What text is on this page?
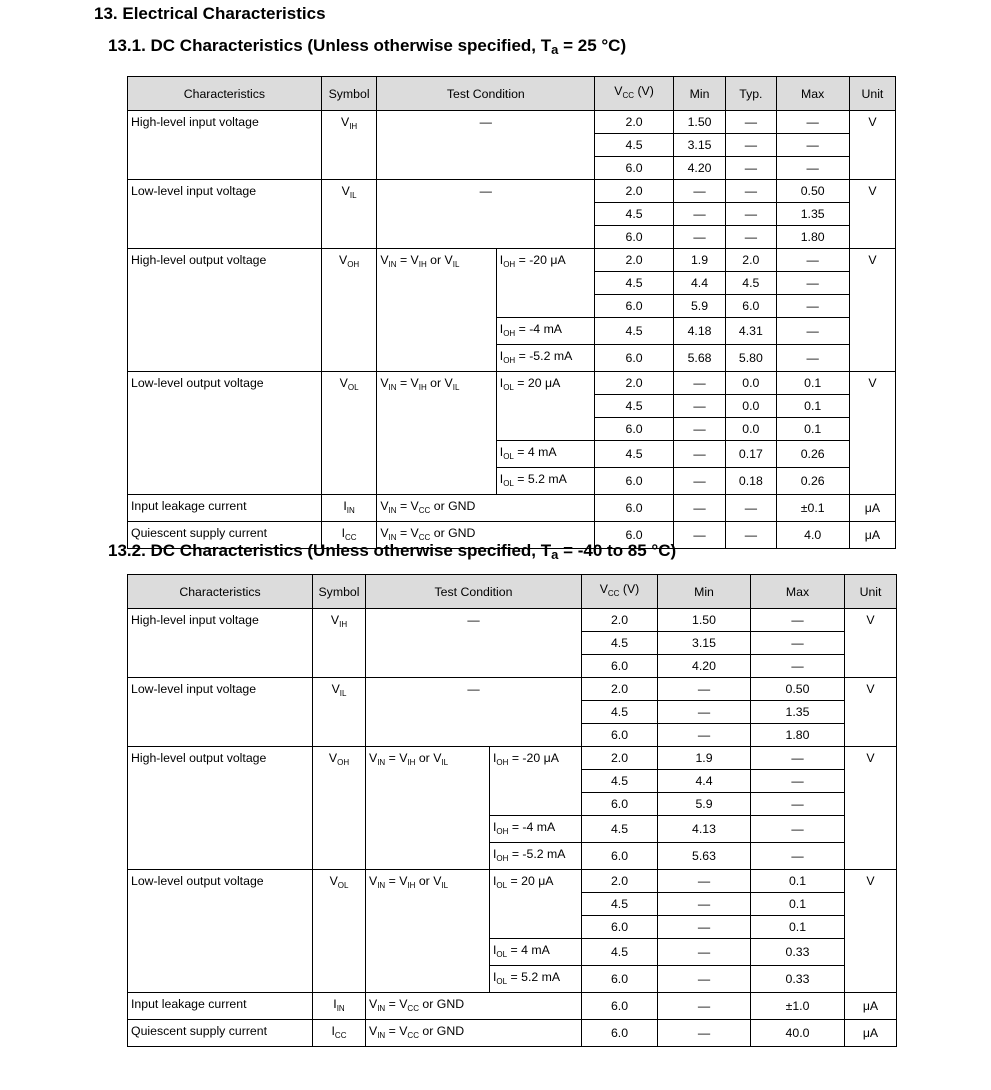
13. Electrical Characteristics
13.1. DC Characteristics (Unless otherwise specified, Ta = 25 °C)
Characteristics	Symbol	Test Condition		$V_{CC}$ (V)	Min	Typ.	Max	Unit
High-level input voltage	$V_{IH}$	—		2.0	1.50	—	—	V
				4.5	3.15	—	—	
				6.0	4.20	—	—	
Low-level input voltage	$V_{IL}$	—		2.0	—	—	0.50	V
				4.5	—	—	1.35	
				6.0	—	—	1.80	
High-level output voltage	$V_{OH}$	$V_{IN} = V_{IH}$ or $V_{IL}$	$I_{OH} = -20$ μA	2.0	1.9	2.0	—	V
				4.5	4.4	4.5	—	
				6.0	5.9	6.0	—	
			$I_{OH} = -4$ mA	4.5	4.18	4.31	—	
			$I_{OH} = -5.2$ mA	6.0	5.68	5.80	—	
Low-level output voltage	$V_{OL}$	$V_{IN} = V_{IH}$ or $V_{IL}$	$I_{OL} = 20$ μA	2.0	—	0.0	0.1	V
				4.5	—	0.0	0.1	
				6.0	—	0.0	0.1	
			$I_{OL} = 4$ mA	4.5	—	0.17	0.26	
			$I_{OL} = 5.2$ mA	6.0	—	0.18	0.26	
Input leakage current	$I_{IN}$	$V_{IN} = V_{CC}$ or GND		6.0	—	—	±0.1	μA
Quiescent supply current	$I_{CC}$	$V_{IN} = V_{CC}$ or GND		6.0	—	—	4.0	μA
13.2. DC Characteristics (Unless otherwise specified, Ta = -40 to 85 °C)
Characteristics	Symbol	Test Condition		$V_{CC}$ (V)	Min	Max	Unit
High-level input voltage	$V_{IH}$	—		2.0	1.50	—	V
				4.5	3.15	—	
				6.0	4.20	—	
Low-level input voltage	$V_{IL}$	—		2.0	—	0.50	V
				4.5	—	1.35	
				6.0	—	1.80	
High-level output voltage	$V_{OH}$	$V_{IN} = V_{IH}$ or $V_{IL}$	$I_{OH} = -20$ μA	2.0	1.9	—	V
				4.5	4.4	—	
				6.0	5.9	—	
			$I_{OH} = -4$ mA	4.5	4.13	—	
			$I_{OH} = -5.2$ mA	6.0	5.63	—	
Low-level output voltage	$V_{OL}$	$V_{IN} = V_{IH}$ or $V_{IL}$	$I_{OL} = 20$ μA	2.0	—	0.1	V
				4.5	—	0.1	
				6.0	—	0.1	
			$I_{OL} = 4$ mA	4.5	—	0.33	
			$I_{OL} = 5.2$ mA	6.0	—	0.33	
Input leakage current	$I_{IN}$	$V_{IN} = V_{CC}$ or GND		6.0	—	±1.0	μA
Quiescent supply current	$I_{CC}$	$V_{IN} = V_{CC}$ or GND		6.0	—	40.0	μA
